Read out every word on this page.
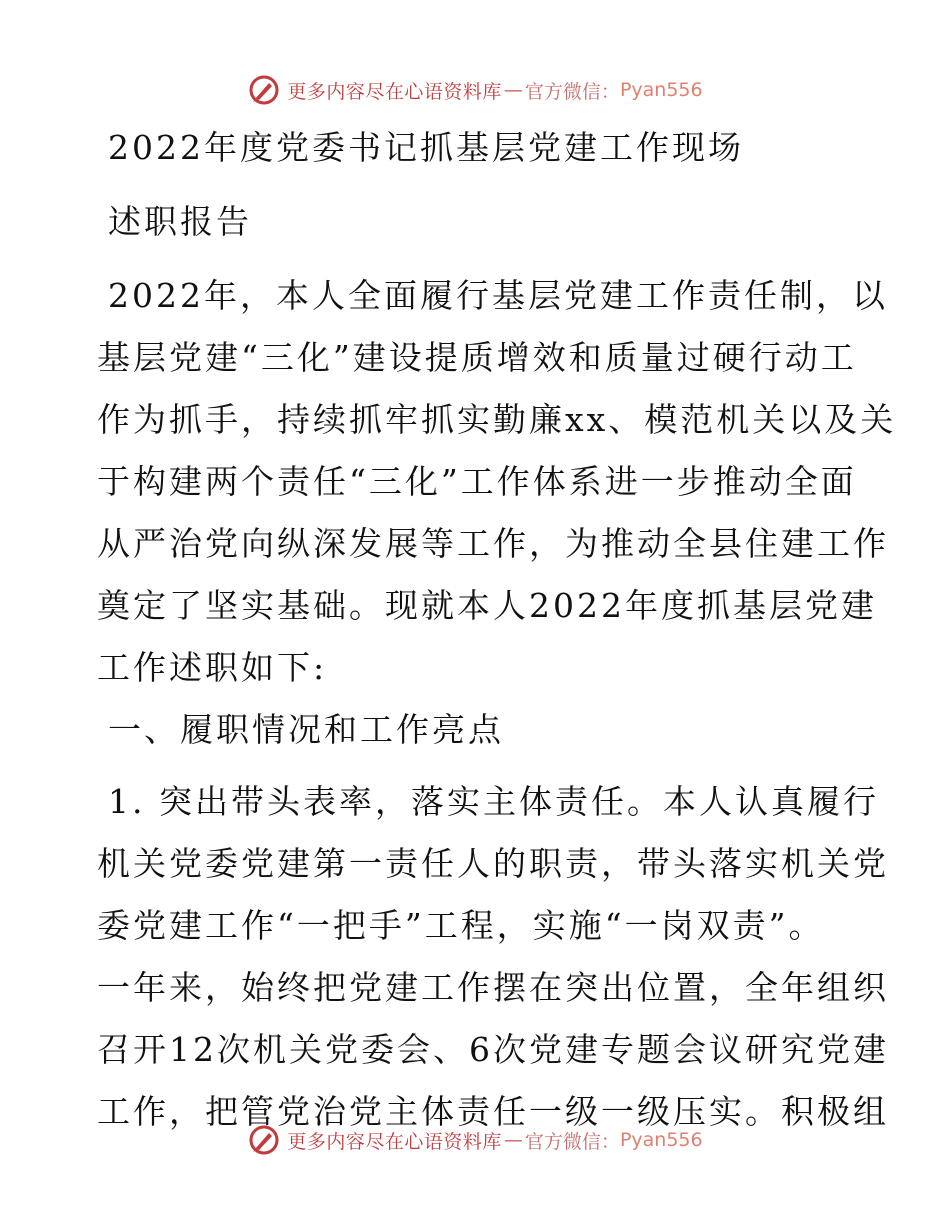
更多内容尽在心语资料库 — 官方微信： Pyan556
2022年度党委书记抓基层党建工作现场
述职报告
2022年，本人全面履行基层党建工作责任制，以
基层党建“三化”建设提质增效和质量过硬行动工
作为抓手，持续抓牢抓实勤廉xx、模范机关以及关
于构建两个责任“三化”工作体系进一步推动全面
从严治党向纵深发展等工作，为推动全县住建工作
奠定了坚实基础。现就本人2022年度抓基层党建
工作述职如下:
一、履职情况和工作亮点
1. 突出带头表率，落实主体责任。本人认真履行
机关党委党建第一责任人的职责，带头落实机关党
委党建工作“一把手”工程，实施“一岗双责”。
一年来，始终把党建工作摆在突出位置，全年组织
召开12次机关党委会、6次党建专题会议研究党建
工作，把管党治党主体责任一级一级压实。积极组
更多内容尽在心语资料库 — 官方微信： Pyan556
